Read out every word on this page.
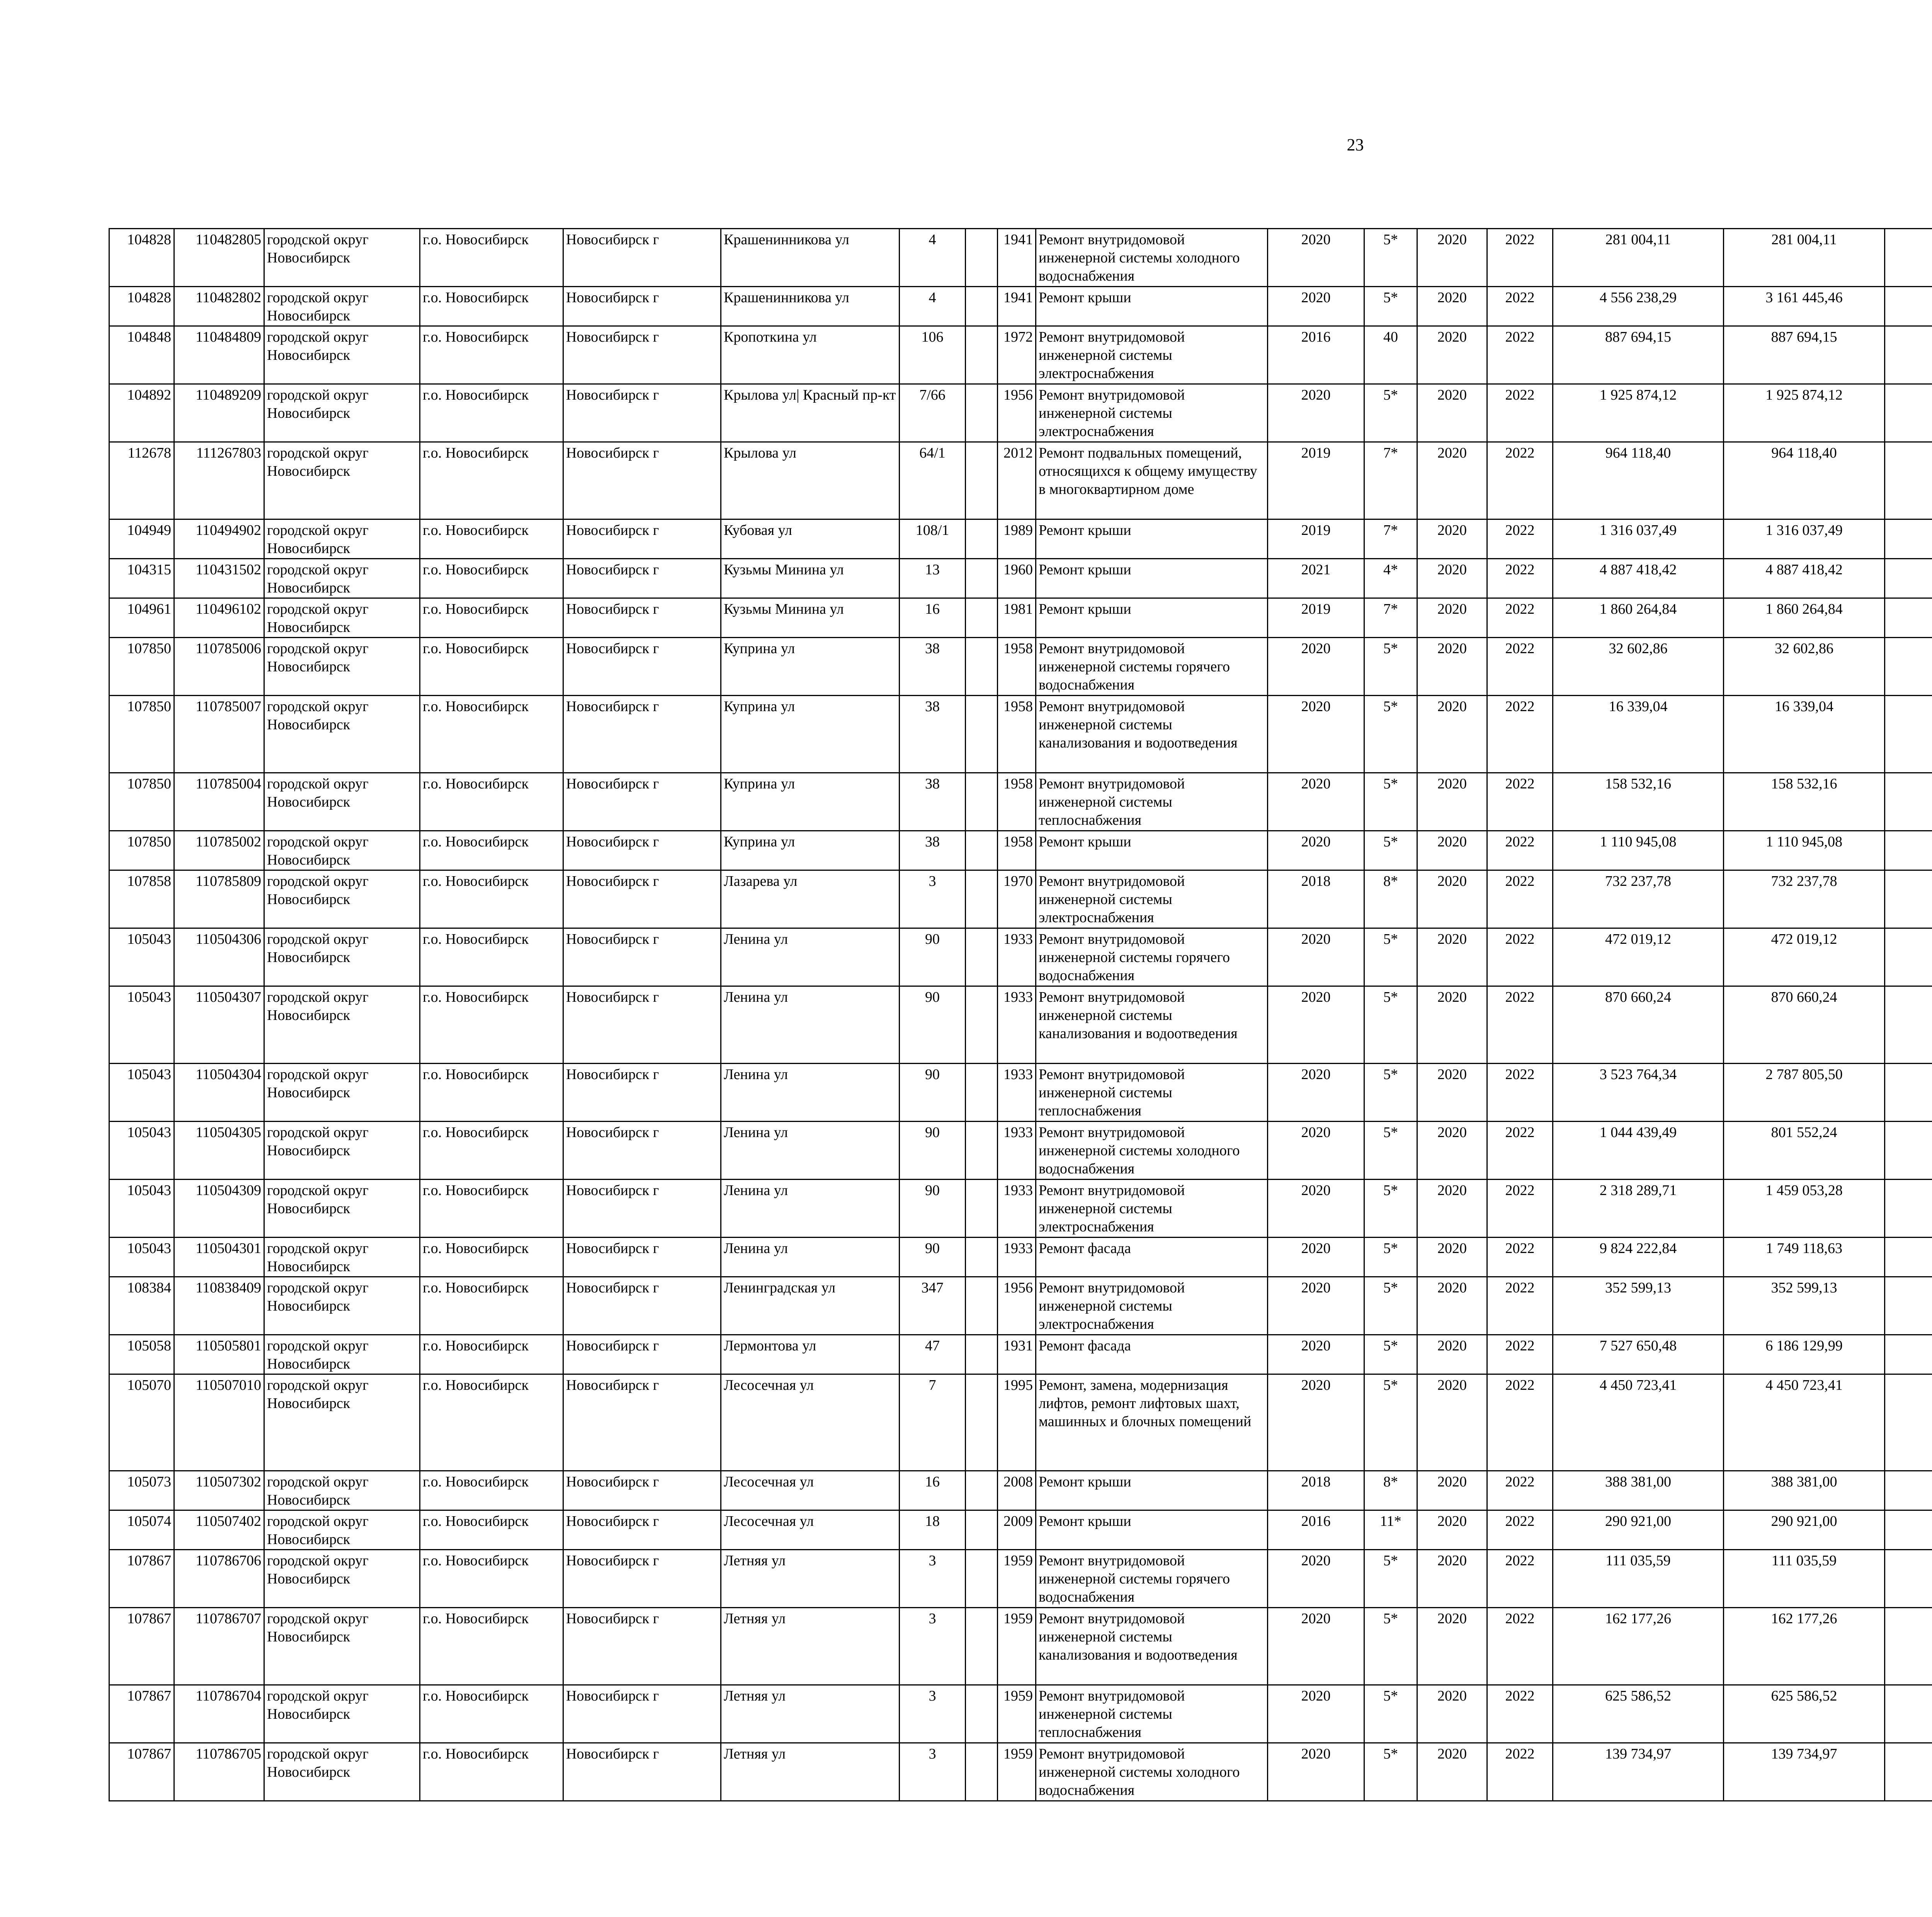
23
104828	110482805	городской округ Новосибирск	г.о. Новосибирск	Новосибирск г	Крашенинникова ул	4		1941	Ремонт внутридомовой инженерной системы холодного водоснабжения	2020	5*	2020	2022	281 004,11	281 004,11						
104828	110482802	городской округ Новосибирск	г.о. Новосибирск	Новосибирск г	Крашенинникова ул	4		1941	Ремонт крыши	2020	5*	2020	2022	4 556 238,29	3 161 445,46						
104848	110484809	городской округ Новосибирск	г.о. Новосибирск	Новосибирск г	Кропоткина ул	106		1972	Ремонт внутридомовой инженерной системы электроснабжения	2016	40	2020	2022	887 694,15	887 694,15						
104892	110489209	городской округ Новосибирск	г.о. Новосибирск	Новосибирск г	Крылова ул| Красный пр-кт	7/66		1956	Ремонт внутридомовой инженерной системы электроснабжения	2020	5*	2020	2022	1 925 874,12	1 925 874,12						
112678	111267803	городской округ Новосибирск	г.о. Новосибирск	Новосибирск г	Крылова ул	64/1		2012	Ремонт подвальных помещений, относящихся к общему имуществу в многоквартирном доме	2019	7*	2020	2022	964 118,40	964 118,40						
104949	110494902	городской округ Новосибирск	г.о. Новосибирск	Новосибирск г	Кубовая ул	108/1		1989	Ремонт крыши	2019	7*	2020	2022	1 316 037,49	1 316 037,49						
104315	110431502	городской округ Новосибирск	г.о. Новосибирск	Новосибирск г	Кузьмы Минина ул	13		1960	Ремонт крыши	2021	4*	2020	2022	4 887 418,42	4 887 418,42						
104961	110496102	городской округ Новосибирск	г.о. Новосибирск	Новосибирск г	Кузьмы Минина ул	16		1981	Ремонт крыши	2019	7*	2020	2022	1 860 264,84	1 860 264,84						
107850	110785006	городской округ Новосибирск	г.о. Новосибирск	Новосибирск г	Куприна ул	38		1958	Ремонт внутридомовой инженерной системы горячего водоснабжения	2020	5*	2020	2022	32 602,86	32 602,86						
107850	110785007	городской округ Новосибирск	г.о. Новосибирск	Новосибирск г	Куприна ул	38		1958	Ремонт внутридомовой инженерной системы канализования и водоотведения	2020	5*	2020	2022	16 339,04	16 339,04						
107850	110785004	городской округ Новосибирск	г.о. Новосибирск	Новосибирск г	Куприна ул	38		1958	Ремонт внутридомовой инженерной системы теплоснабжения	2020	5*	2020	2022	158 532,16	158 532,16						
107850	110785002	городской округ Новосибирск	г.о. Новосибирск	Новосибирск г	Куприна ул	38		1958	Ремонт крыши	2020	5*	2020	2022	1 110 945,08	1 110 945,08						
107858	110785809	городской округ Новосибирск	г.о. Новосибирск	Новосибирск г	Лазарева ул	3		1970	Ремонт внутридомовой инженерной системы электроснабжения	2018	8*	2020	2022	732 237,78	732 237,78						
105043	110504306	городской округ Новосибирск	г.о. Новосибирск	Новосибирск г	Ленина ул	90		1933	Ремонт внутридомовой инженерной системы горячего водоснабжения	2020	5*	2020	2022	472 019,12	472 019,12						
105043	110504307	городской округ Новосибирск	г.о. Новосибирск	Новосибирск г	Ленина ул	90		1933	Ремонт внутридомовой инженерной системы канализования и водоотведения	2020	5*	2020	2022	870 660,24	870 660,24						
105043	110504304	городской округ Новосибирск	г.о. Новосибирск	Новосибирск г	Ленина ул	90		1933	Ремонт внутридомовой инженерной системы теплоснабжения	2020	5*	2020	2022	3 523 764,34	2 787 805,50						
105043	110504305	городской округ Новосибирск	г.о. Новосибирск	Новосибирск г	Ленина ул	90		1933	Ремонт внутридомовой инженерной системы холодного водоснабжения	2020	5*	2020	2022	1 044 439,49	801 552,24						
105043	110504309	городской округ Новосибирск	г.о. Новосибирск	Новосибирск г	Ленина ул	90		1933	Ремонт внутридомовой инженерной системы электроснабжения	2020	5*	2020	2022	2 318 289,71	1 459 053,28						
105043	110504301	городской округ Новосибирск	г.о. Новосибирск	Новосибирск г	Ленина ул	90		1933	Ремонт фасада	2020	5*	2020	2022	9 824 222,84	1 749 118,63						
108384	110838409	городской округ Новосибирск	г.о. Новосибирск	Новосибирск г	Ленинградская ул	347		1956	Ремонт внутридомовой инженерной системы электроснабжения	2020	5*	2020	2022	352 599,13	352 599,13						
105058	110505801	городской округ Новосибирск	г.о. Новосибирск	Новосибирск г	Лермонтова ул	47		1931	Ремонт фасада	2020	5*	2020	2022	7 527 650,48	6 186 129,99						
105070	110507010	городской округ Новосибирск	г.о. Новосибирск	Новосибирск г	Лесосечная ул	7		1995	Ремонт, замена, модернизация лифтов, ремонт лифтовых шахт, машинных и блочных помещений	2020	5*	2020	2022	4 450 723,41	4 450 723,41						
105073	110507302	городской округ Новосибирск	г.о. Новосибирск	Новосибирск г	Лесосечная ул	16		2008	Ремонт крыши	2018	8*	2020	2022	388 381,00	388 381,00						
105074	110507402	городской округ Новосибирск	г.о. Новосибирск	Новосибирск г	Лесосечная ул	18		2009	Ремонт крыши	2016	11*	2020	2022	290 921,00	290 921,00						
107867	110786706	городской округ Новосибирск	г.о. Новосибирск	Новосибирск г	Летняя ул	3		1959	Ремонт внутридомовой инженерной системы горячего водоснабжения	2020	5*	2020	2022	111 035,59	111 035,59						
107867	110786707	городской округ Новосибирск	г.о. Новосибирск	Новосибирск г	Летняя ул	3		1959	Ремонт внутридомовой инженерной системы канализования и водоотведения	2020	5*	2020	2022	162 177,26	162 177,26						
107867	110786704	городской округ Новосибирск	г.о. Новосибирск	Новосибирск г	Летняя ул	3		1959	Ремонт внутридомовой инженерной системы теплоснабжения	2020	5*	2020	2022	625 586,52	625 586,52						
107867	110786705	городской округ Новосибирск	г.о. Новосибирск	Новосибирск г	Летняя ул	3		1959	Ремонт внутридомовой инженерной системы холодного водоснабжения	2020	5*	2020	2022	139 734,97	139 734,97						
